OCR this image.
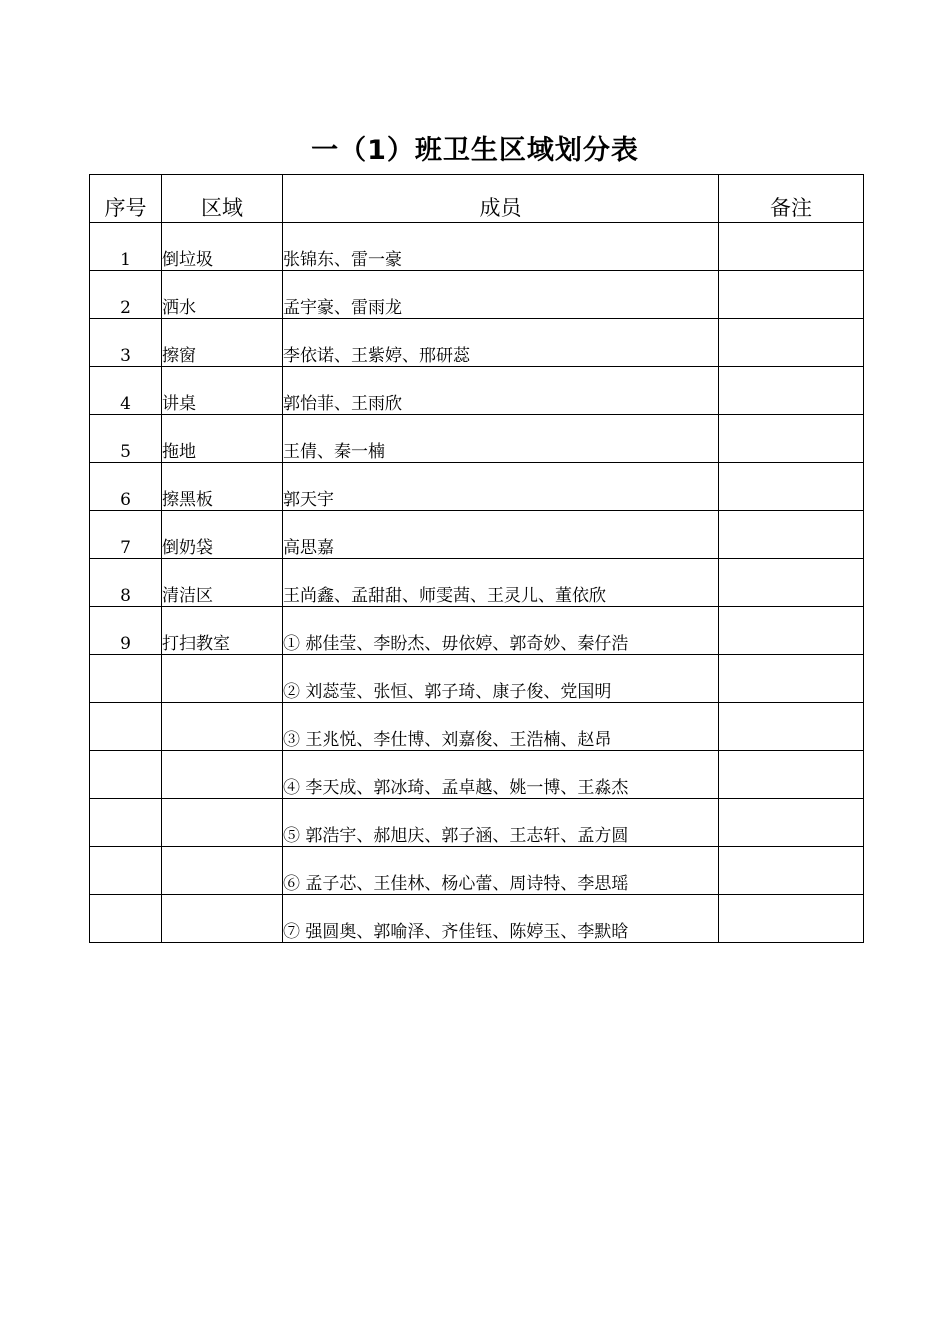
一（1）班卫生区域划分表
序号	区域	成员	备注
1	倒垃圾	张锦东、雷一豪	
2	洒水	孟宇豪、雷雨龙	
3	擦窗	李依诺、王紫婷、邢研蕊	
4	讲桌	郭怡菲、王雨欣	
5	拖地	王倩、秦一楠	
6	擦黑板	郭天宇	
7	倒奶袋	高思嘉	
8	清洁区	王尚鑫、孟甜甜、师雯茜、王灵儿、董依欣	
9	打扫教室	① 郝佳莹、李盼杰、毋依婷、郭奇妙、秦仔浩	
		② 刘蕊莹、张恒、郭子琦、康子俊、党国明	
		③ 王兆悦、李仕博、刘嘉俊、王浩楠、赵昂	
		④ 李天成、郭冰琦、孟卓越、姚一博、王淼杰	
		⑤ 郭浩宇、郝旭庆、郭子涵、王志轩、孟方圆	
		⑥ 孟子芯、王佳林、杨心蕾、周诗特、李思瑶	
		⑦ 强圆奥、郭喻泽、齐佳钰、陈婷玉、李默晗	
